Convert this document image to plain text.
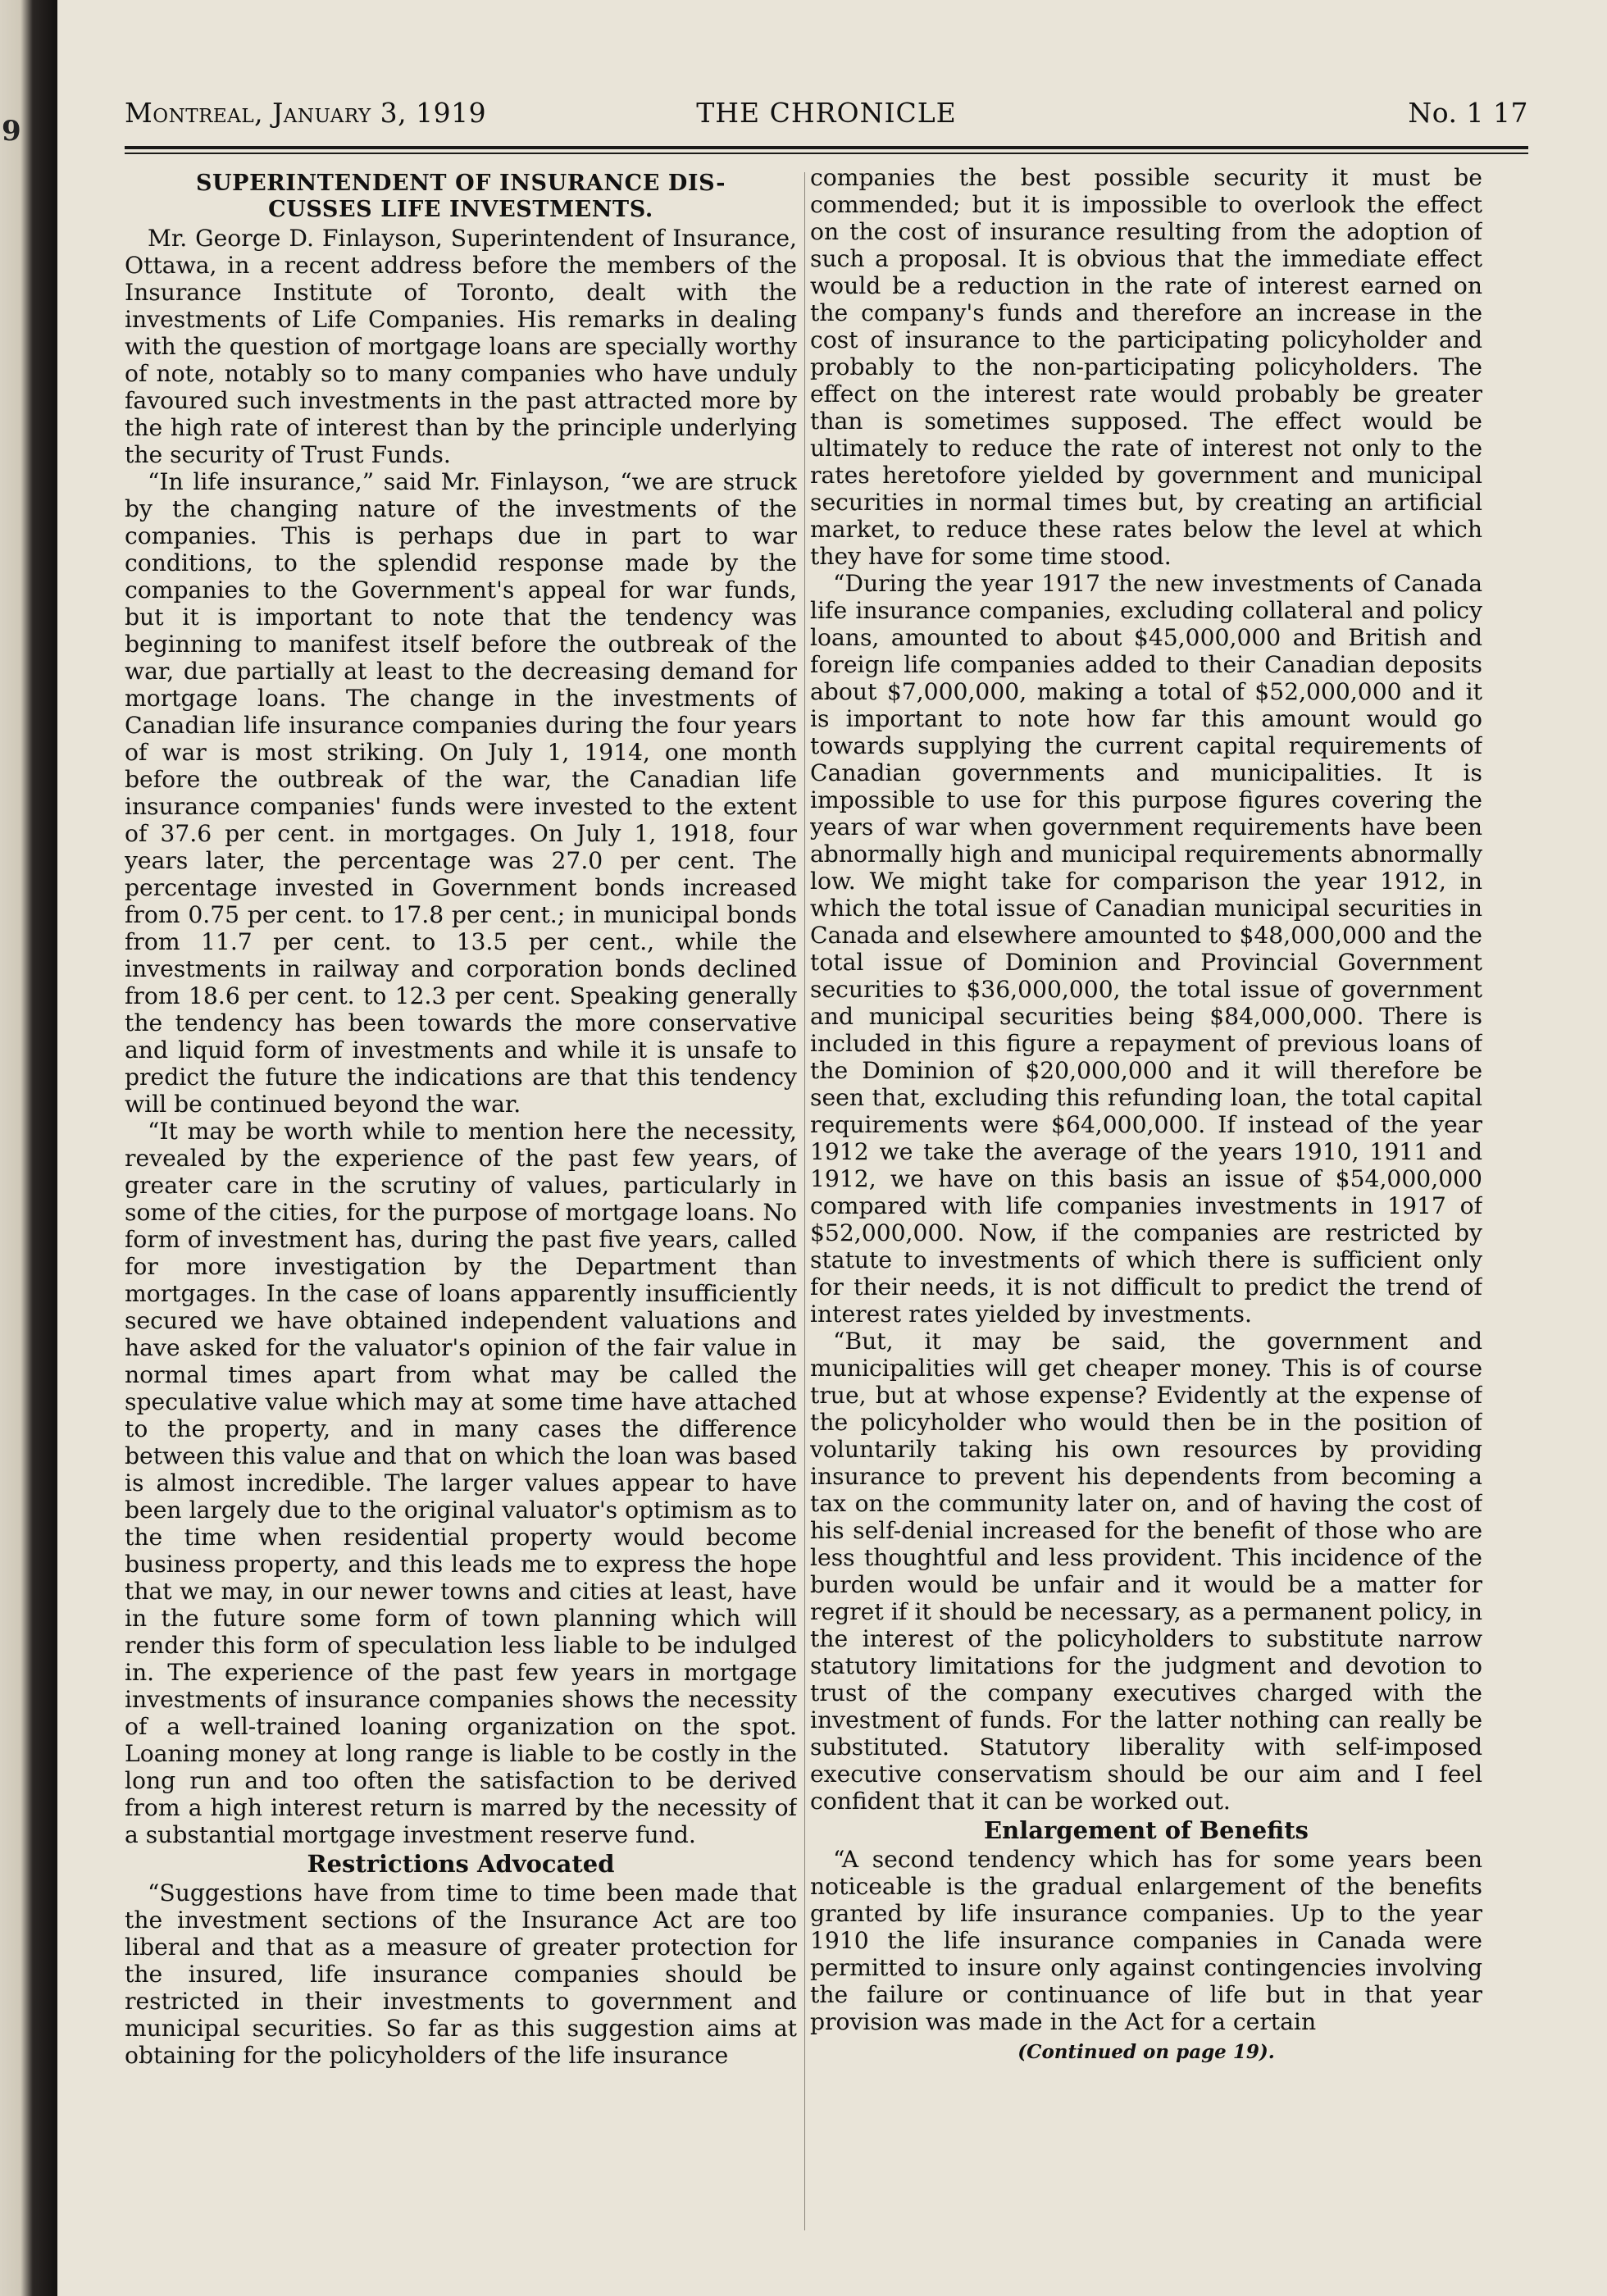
9
Montreal, January 3, 1919	THE CHRONICLE	No. 1 17
SUPERINTENDENT OF INSURANCE DIS-
CUSSES LIFE INVESTMENTS.

Mr. George D. Finlayson, Superintendent of Insurance, Ottawa, in a recent address before the members of the Insurance Institute of Toronto, dealt with the investments of Life Companies. His remarks in dealing with the question of mortgage loans are specially worthy of note, notably so to many companies who have unduly favoured such investments in the past attracted more by the high rate of interest than by the principle underlying the security of Trust Funds.

“In life insurance,” said Mr. Finlayson, “we are struck by the changing nature of the investments of the companies. This is perhaps due in part to war conditions, to the splendid response made by the companies to the Government's appeal for war funds, but it is important to note that the tendency was beginning to manifest itself before the outbreak of the war, due partially at least to the decreasing demand for mortgage loans. The change in the investments of Canadian life insurance companies during the four years of war is most striking. On July 1, 1914, one month before the outbreak of the war, the Canadian life insurance companies' funds were invested to the extent of 37.6 per cent. in mortgages. On July 1, 1918, four years later, the percentage was 27.0 per cent. The percentage invested in Government bonds increased from 0.75 per cent. to 17.8 per cent.; in municipal bonds from 11.7 per cent. to 13.5 per cent., while the investments in railway and corporation bonds declined from 18.6 per cent. to 12.3 per cent. Speaking generally the tendency has been towards the more conservative and liquid form of investments and while it is unsafe to predict the future the indications are that this tendency will be continued beyond the war.

“It may be worth while to mention here the necessity, revealed by the experience of the past few years, of greater care in the scrutiny of values, particularly in some of the cities, for the purpose of mortgage loans. No form of investment has, during the past five years, called for more investigation by the Department than mortgages. In the case of loans apparently insufficiently secured we have obtained independent valuations and have asked for the valuator's opinion of the fair value in normal times apart from what may be called the speculative value which may at some time have attached to the property, and in many cases the difference between this value and that on which the loan was based is almost incredible. The larger values appear to have been largely due to the original valuator's optimism as to the time when residential property would become business property, and this leads me to express the hope that we may, in our newer towns and cities at least, have in the future some form of town planning which will render this form of speculation less liable to be indulged in. The experience of the past few years in mortgage investments of insurance companies shows the necessity of a well-trained loaning organization on the spot. Loaning money at long range is liable to be costly in the long run and too often the satisfaction to be derived from a high interest return is marred by the necessity of a substantial mortgage investment reserve fund.

Restrictions Advocated

“Suggestions have from time to time been made that the investment sections of the Insurance Act are too liberal and that as a measure of greater protection for the insured, life insurance companies should be restricted in their investments to government and municipal securities. So far as this suggestion aims at obtaining for the policyholders of the life insurance

companies the best possible security it must be commended; but it is impossible to overlook the effect on the cost of insurance resulting from the adoption of such a proposal. It is obvious that the immediate effect would be a reduction in the rate of interest earned on the company's funds and therefore an increase in the cost of insurance to the participating policyholder and probably to the non-participating policyholders. The effect on the interest rate would probably be greater than is sometimes supposed. The effect would be ultimately to reduce the rate of interest not only to the rates heretofore yielded by government and municipal securities in normal times but, by creating an artificial market, to reduce these rates below the level at which they have for some time stood.

“During the year 1917 the new investments of Canada life insurance companies, excluding collateral and policy loans, amounted to about $45,000,000 and British and foreign life companies added to their Canadian deposits about $7,000,000, making a total of $52,000,000 and it is important to note how far this amount would go towards supplying the current capital requirements of Canadian governments and municipalities. It is impossible to use for this purpose figures covering the years of war when government requirements have been abnormally high and municipal requirements abnormally low. We might take for comparison the year 1912, in which the total issue of Canadian municipal securities in Canada and elsewhere amounted to $48,000,000 and the total issue of Dominion and Provincial Government securities to $36,000,000, the total issue of government and municipal securities being $84,000,000. There is included in this figure a repayment of previous loans of the Dominion of $20,000,000 and it will therefore be seen that, excluding this refunding loan, the total capital requirements were $64,000,000. If instead of the year 1912 we take the average of the years 1910, 1911 and 1912, we have on this basis an issue of $54,000,000 compared with life companies investments in 1917 of $52,000,000. Now, if the companies are restricted by statute to investments of which there is sufficient only for their needs, it is not difficult to predict the trend of interest rates yielded by investments.

“But, it may be said, the government and municipalities will get cheaper money. This is of course true, but at whose expense? Evidently at the expense of the policyholder who would then be in the position of voluntarily taking his own resources by providing insurance to prevent his dependents from becoming a tax on the community later on, and of having the cost of his self-denial increased for the benefit of those who are less thoughtful and less provident. This incidence of the burden would be unfair and it would be a matter for regret if it should be necessary, as a permanent policy, in the interest of the policyholders to substitute narrow statutory limitations for the judgment and devotion to trust of the company executives charged with the investment of funds. For the latter nothing can really be substituted. Statutory liberality with self-imposed executive conservatism should be our aim and I feel confident that it can be worked out.

Enlargement of Benefits

“A second tendency which has for some years been noticeable is the gradual enlargement of the benefits granted by life insurance companies. Up to the year 1910 the life insurance companies in Canada were permitted to insure only against contingencies involving the failure or continuance of life but in that year provision was made in the Act for a certain

(Continued on page 19).
